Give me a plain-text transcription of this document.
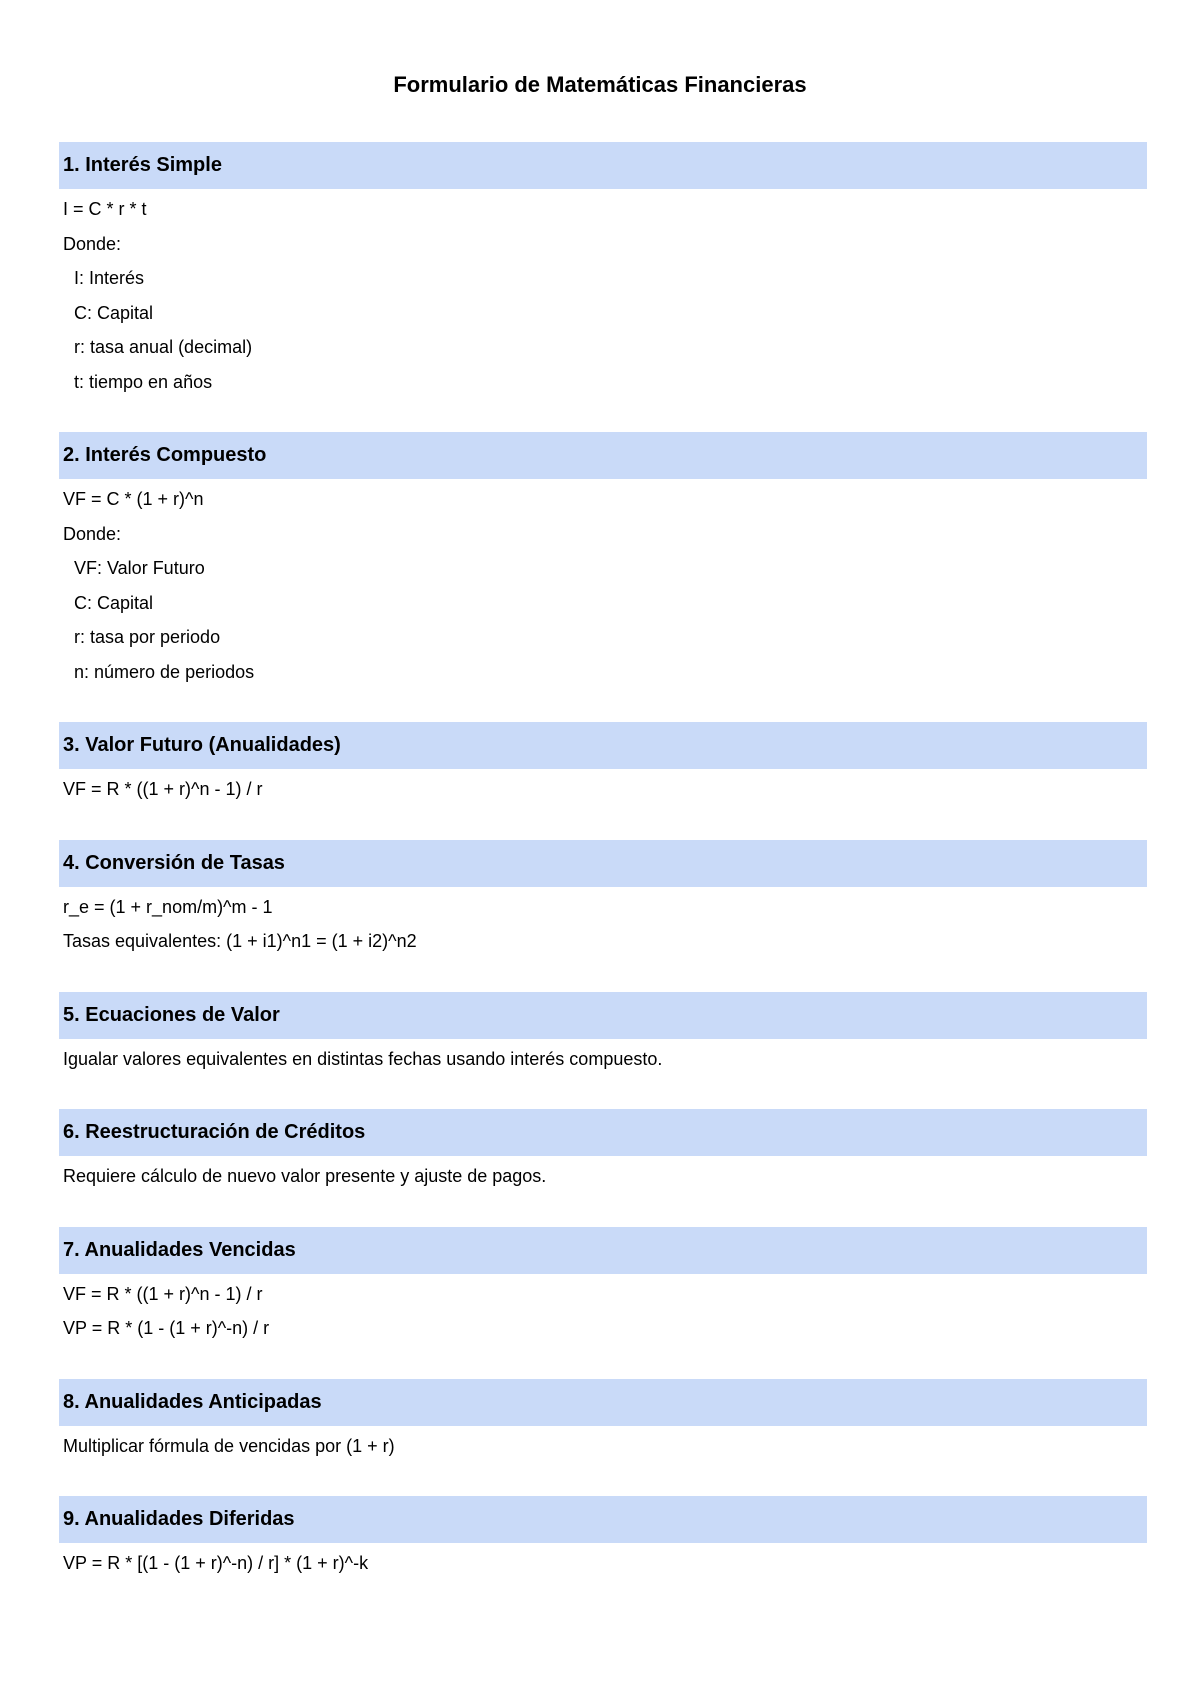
Formulario de Matemáticas Financieras
1. Interés Simple
I = C * r * t
Donde:
I: Interés
C: Capital
r: tasa anual (decimal)
t: tiempo en años
2. Interés Compuesto
VF = C * (1 + r)^n
Donde:
VF: Valor Futuro
C: Capital
r: tasa por periodo
n: número de periodos
3. Valor Futuro (Anualidades)
VF = R * ((1 + r)^n - 1) / r
4. Conversión de Tasas
r_e = (1 + r_nom/m)^m - 1
Tasas equivalentes: (1 + i1)^n1 = (1 + i2)^n2
5. Ecuaciones de Valor
Igualar valores equivalentes en distintas fechas usando interés compuesto.
6. Reestructuración de Créditos
Requiere cálculo de nuevo valor presente y ajuste de pagos.
7. Anualidades Vencidas
VF = R * ((1 + r)^n - 1) / r
VP = R * (1 - (1 + r)^-n) / r
8. Anualidades Anticipadas
Multiplicar fórmula de vencidas por (1 + r)
9. Anualidades Diferidas
VP = R * [(1 - (1 + r)^-n) / r] * (1 + r)^-k
